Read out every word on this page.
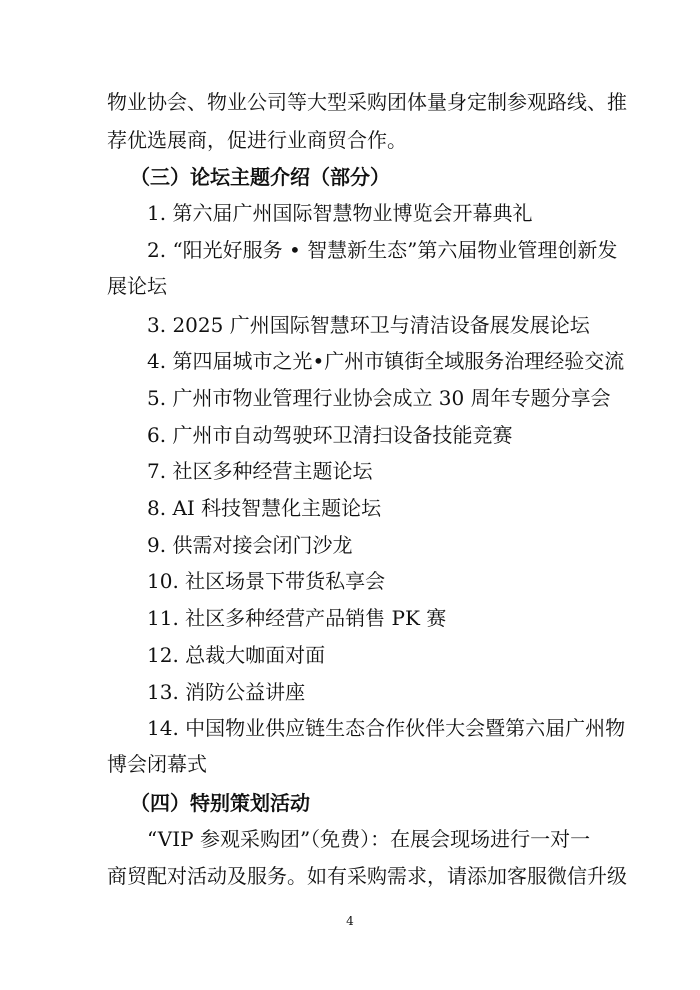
物业协会、物业公司等大型采购团体量身定制参观路线、推
荐优选展商，促进行业商贸合作。
（三）论坛主题介绍（部分）
1. 第六届广州国际智慧物业博览会开幕典礼
2. “阳光好服务 • 智慧新生态”第六届物业管理创新发
展论坛
3. 2025 广州国际智慧环卫与清洁设备展发展论坛
4. 第四届城市之光•广州市镇街全域服务治理经验交流
5. 广州市物业管理行业协会成立 30 周年专题分享会
6. 广州市自动驾驶环卫清扫设备技能竞赛
7. 社区多种经营主题论坛
8. AI 科技智慧化主题论坛
9. 供需对接会闭门沙龙
10. 社区场景下带货私享会
11. 社区多种经营产品销售 PK 赛
12. 总裁大咖面对面
13. 消防公益讲座
14. 中国物业供应链生态合作伙伴大会暨第六届广州物
博会闭幕式
（四）特别策划活动
“VIP 参观采购团”（免费）：在展会现场进行一对一
商贸配对活动及服务。如有采购需求，请添加客服微信升级
4
